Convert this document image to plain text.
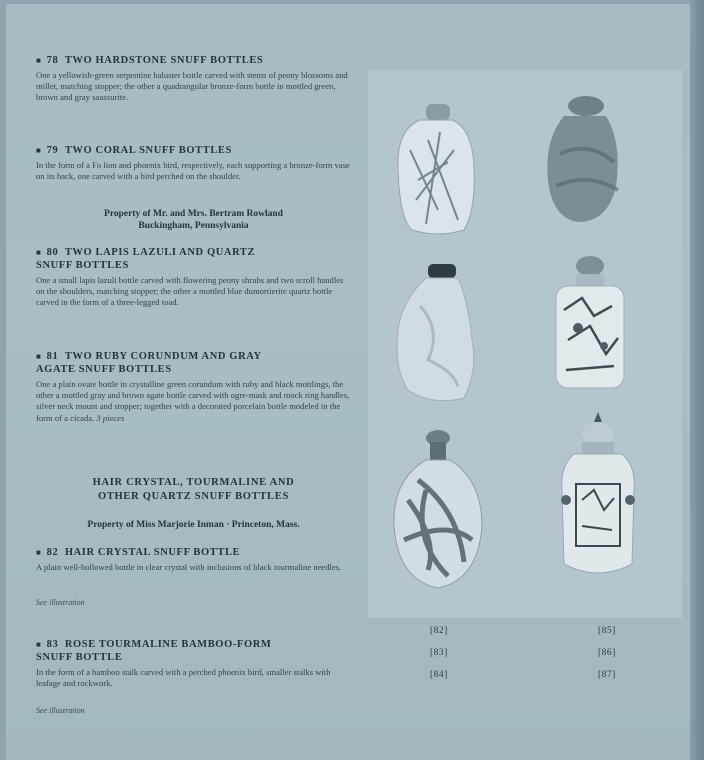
■ 78 TWO HARDSTONE SNUFF BOTTLES
One a yellowish-green serpentine baluster bottle carved with stems of peony blossoms and millet, matching stopper; the other a quadrangular bronze-form bottle in mottled green, brown and gray saussurite.
■ 79 TWO CORAL SNUFF BOTTLES
In the form of a Fo lion and phoenix bird, respectively, each supporting a bronze-form vase on its back, one carved with a bird perched on the shoulder.
Property of Mr. and Mrs. Bertram Rowland
Buckingham, Pennsylvania
■ 80 TWO LAPIS LAZULI AND QUARTZ
SNUFF BOTTLES
One a small lapis lazuli bottle carved with flowering peony shrubs and two scroll handles on the shoulders, matching stopper; the other a mottled blue dumortierite quartz bottle carved in the form of a three-legged toad.
■ 81 TWO RUBY CORUNDUM AND GRAY
AGATE SNUFF BOTTLES
One a plain ovate bottle in crystalline green corundum with ruby and black mottlings, the other a mottled gray and brown agate bottle carved with ogre-mask and mock ring handles, silver neck mount and stopper; together with a decorated porcelain bottle modeled in the form of a cicada. 3 pieces
HAIR CRYSTAL, TOURMALINE AND
OTHER QUARTZ SNUFF BOTTLES
Property of Miss Marjorie Inman · Princeton, Mass.
■ 82 HAIR CRYSTAL SNUFF BOTTLE
A plain well-hollowed bottle in clear crystal with inclusions of black tourmaline needles.
See illustration
■ 83 ROSE TOURMALINE BAMBOO-FORM
SNUFF BOTTLE
In the form of a bamboo stalk carved with a perched phoenix bird, smaller stalks with leafage and rockwork.
See illustration
[82]
[83]
[84]
[85]
[86]
[87]
